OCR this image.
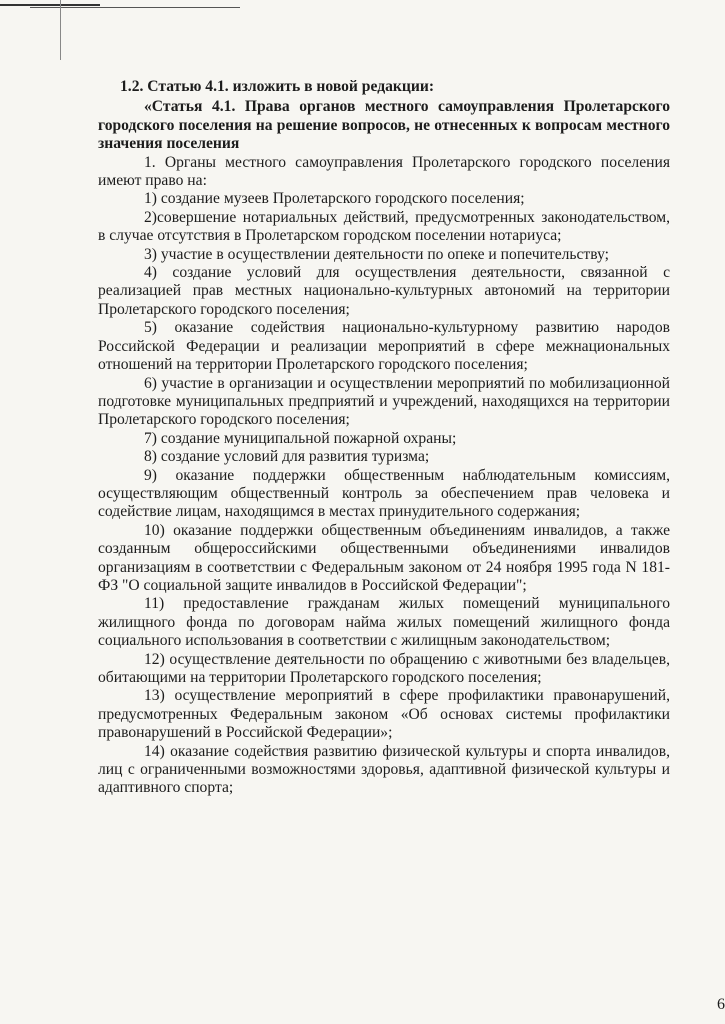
1.2. Статью 4.1. изложить в новой редакции:

«Статья 4.1. Права органов местного самоуправления Пролетарского городского поселения на решение вопросов, не отнесенных к вопросам местного значения поселения

1. Органы местного самоуправления Пролетарского городского поселения имеют право на:

1) создание музеев Пролетарского городского поселения;

2)совершение нотариальных действий, предусмотренных законодательством, в случае отсутствия в Пролетарском городском поселении нотариуса;

3) участие в осуществлении деятельности по опеке и попечительству;

4) создание условий для осуществления деятельности, связанной с реализацией прав местных национально-культурных автономий на территории Пролетарского городского поселения;

5) оказание содействия национально-культурному развитию народов Российской Федерации и реализации мероприятий в сфере межнациональных отношений на территории Пролетарского городского поселения;

6) участие в организации и осуществлении мероприятий по мобилизационной подготовке муниципальных предприятий и учреждений, находящихся на территории Пролетарского городского поселения;

7) создание муниципальной пожарной охраны;

8) создание условий для развития туризма;

9) оказание поддержки общественным наблюдательным комиссиям, осуществляющим общественный контроль за обеспечением прав человека и содействие лицам, находящимся в местах принудительного содержания;

10) оказание поддержки общественным объединениям инвалидов, а также созданным общероссийскими общественными объединениями инвалидов организациям в соответствии с Федеральным законом от 24 ноября 1995 года N 181-ФЗ "О социальной защите инвалидов в Российской Федерации";

11) предоставление гражданам жилых помещений муниципального жилищного фонда по договорам найма жилых помещений жилищного фонда социального использования в соответствии с жилищным законодательством;

12) осуществление деятельности по обращению с животными без владельцев, обитающими на территории Пролетарского городского поселения;

13) осуществление мероприятий в сфере профилактики правонарушений, предусмотренных Федеральным законом «Об основах системы профилактики правонарушений в Российской Федерации»;

14) оказание содействия развитию физической культуры и спорта инвалидов, лиц с ограниченными возможностями здоровья, адаптивной физической культуры и адаптивного спорта;

6
